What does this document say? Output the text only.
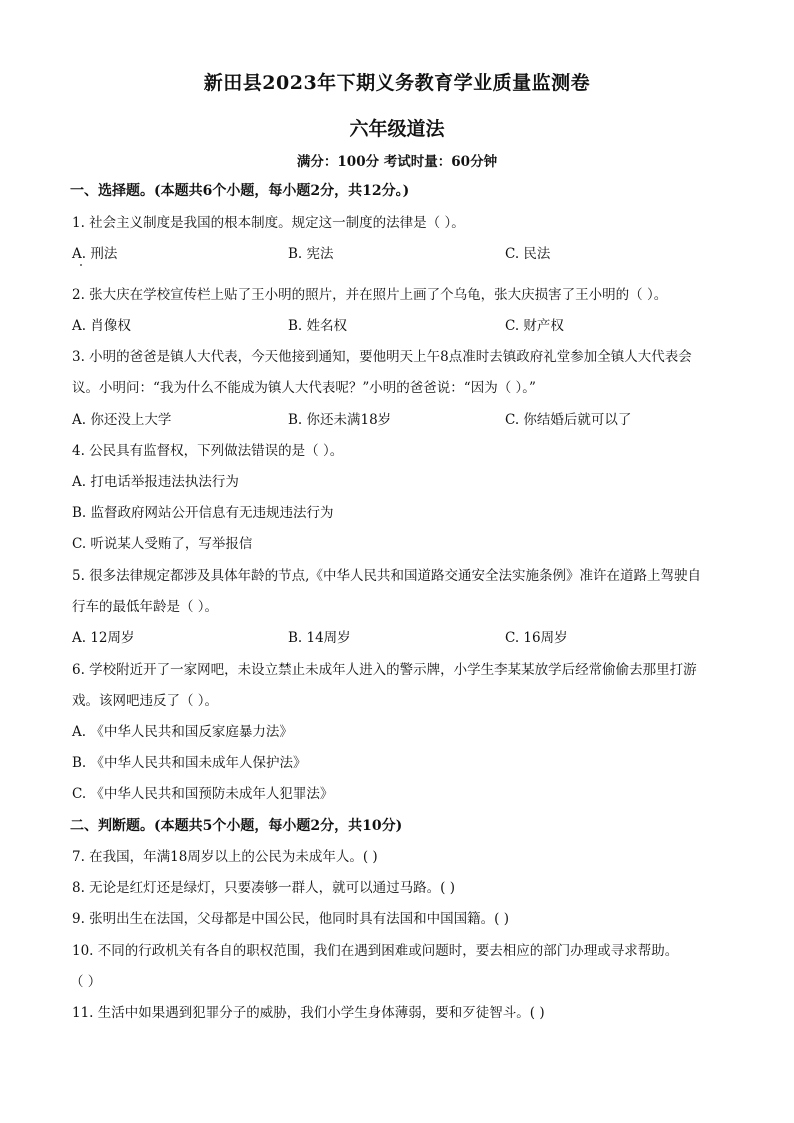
新田县2023年下期义务教育学业质量监测卷
六年级道法
满分：100分 考试时量：60分钟
一、选择题。(本题共6个小题，每小题2分，共12分。)
1. 社会主义制度是我国的根本制度。规定这一制度的法律是（ ）。
A. 刑法	B. 宪法	C. 民法
2. 张大庆在学校宣传栏上贴了王小明的照片，并在照片上画了个乌龟，张大庆损害了王小明的（ ）。
A. 肖像权	B. 姓名权	C. 财产权
3. 小明的爸爸是镇人大代表，今天他接到通知，要他明天上午8点准时去镇政府礼堂参加全镇人大代表会
议。小明问：“我为什么不能成为镇人大代表呢？”小明的爸爸说：“因为（ ）。”
A. 你还没上大学	B. 你还未满18岁	C. 你结婚后就可以了
4. 公民具有监督权，下列做法错误的是（ ）。
A. 打电话举报违法执法行为
B. 监督政府网站公开信息有无违规违法行为
C. 听说某人受贿了，写举报信
5. 很多法律规定都涉及具体年龄的节点,《中华人民共和国道路交通安全法实施条例》准许在道路上驾驶自
行车的最低年龄是（ ）。
A. 12周岁	B. 14周岁	C. 16周岁
6. 学校附近开了一家网吧，未设立禁止未成年人进入的警示牌，小学生李某某放学后经常偷偷去那里打游
戏。该网吧违反了（ ）。
A. 《中华人民共和国反家庭暴力法》
B. 《中华人民共和国未成年人保护法》
C. 《中华人民共和国预防未成年人犯罪法》
二、判断题。(本题共5个小题，每小题2分，共10分)
7. 在我国，年满18周岁以上的公民为未成年人。( )
8. 无论是红灯还是绿灯，只要凑够一群人，就可以通过马路。( )
9. 张明出生在法国，父母都是中国公民，他同时具有法国和中国国籍。( )
10. 不同的行政机关有各自的职权范围，我们在遇到困难或问题时，要去相应的部门办理或寻求帮助。
（ ）
11. 生活中如果遇到犯罪分子的威胁，我们小学生身体薄弱，要和歹徒智斗。( )
